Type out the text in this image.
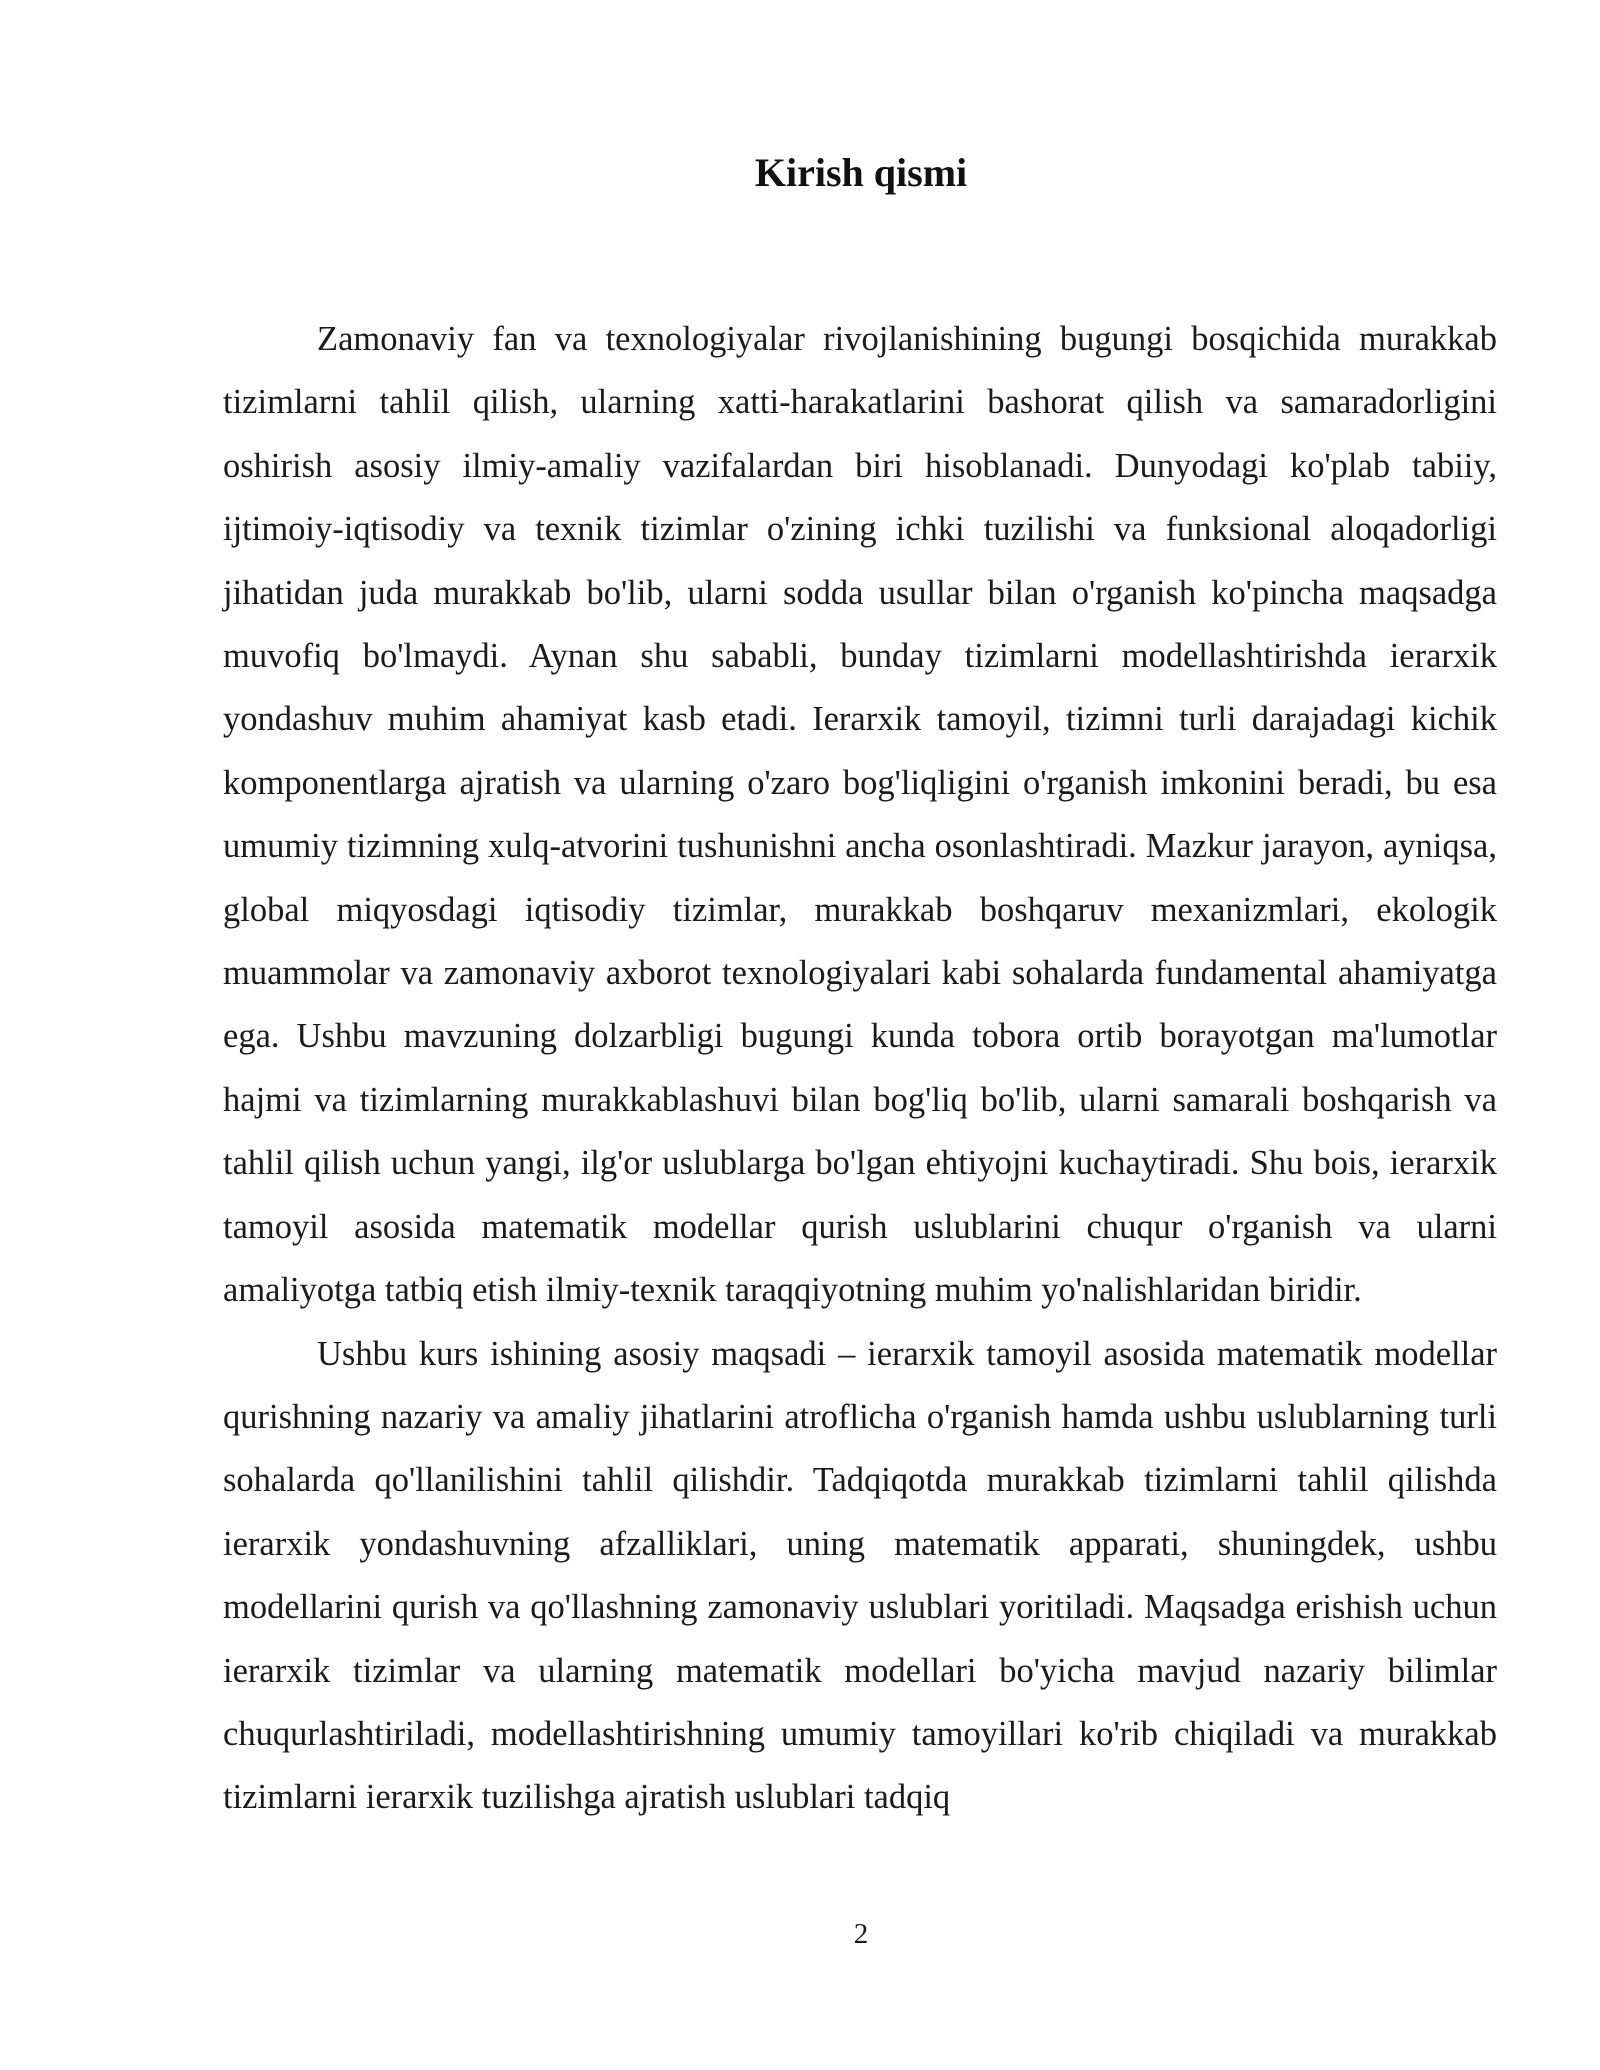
Kirish qismi

Zamonaviy fan va texnologiyalar rivojlanishining bugungi bosqichida murakkab tizimlarni tahlil qilish, ularning xatti-harakatlarini bashorat qilish va samaradorligini oshirish asosiy ilmiy-amaliy vazifalardan biri hisoblanadi. Dunyodagi ko'plab tabiiy, ijtimoiy-iqtisodiy va texnik tizimlar o'zining ichki tuzilishi va funksional aloqadorligi jihatidan juda murakkab bo'lib, ularni sodda usullar bilan o'rganish ko'pincha maqsadga muvofiq bo'lmaydi. Aynan shu sababli, bunday tizimlarni modellashtirishda ierarxik yondashuv muhim ahamiyat kasb etadi. Ierarxik tamoyil, tizimni turli darajadagi kichik komponentlarga ajratish va ularning o'zaro bog'liqligini o'rganish imkonini beradi, bu esa umumiy tizimning xulq-atvorini tushunishni ancha osonlashtiradi. Mazkur jarayon, ayniqsa, global miqyosdagi iqtisodiy tizimlar, murakkab boshqaruv mexanizmlari, ekologik muammolar va zamonaviy axborot texnologiyalari kabi sohalarda fundamental ahamiyatga ega. Ushbu mavzuning dolzarbligi bugungi kunda tobora ortib borayotgan ma'lumotlar hajmi va tizimlarning murakkablashuvi bilan bog'liq bo'lib, ularni samarali boshqarish va tahlil qilish uchun yangi, ilg'or uslublarga bo'lgan ehtiyojni kuchaytiradi. Shu bois, ierarxik tamoyil asosida matematik modellar qurish uslublarini chuqur o'rganish va ularni amaliyotga tatbiq etish ilmiy-texnik taraqqiyotning muhim yo'nalishlaridan biridir.

Ushbu kurs ishining asosiy maqsadi – ierarxik tamoyil asosida matematik modellar qurishning nazariy va amaliy jihatlarini atroflicha o'rganish hamda ushbu uslublarning turli sohalarda qo'llanilishini tahlil qilishdir. Tadqiqotda murakkab tizimlarni tahlil qilishda ierarxik yondashuvning afzalliklari, uning matematik apparati, shuningdek, ushbu modellarini qurish va qo'llashning zamonaviy uslublari yoritiladi. Maqsadga erishish uchun ierarxik tizimlar va ularning matematik modellari bo'yicha mavjud nazariy bilimlar chuqurlashtiriladi, modellashtirishning umumiy tamoyillari ko'rib chiqiladi va murakkab tizimlarni ierarxik tuzilishga ajratish uslublari tadqiq

2
